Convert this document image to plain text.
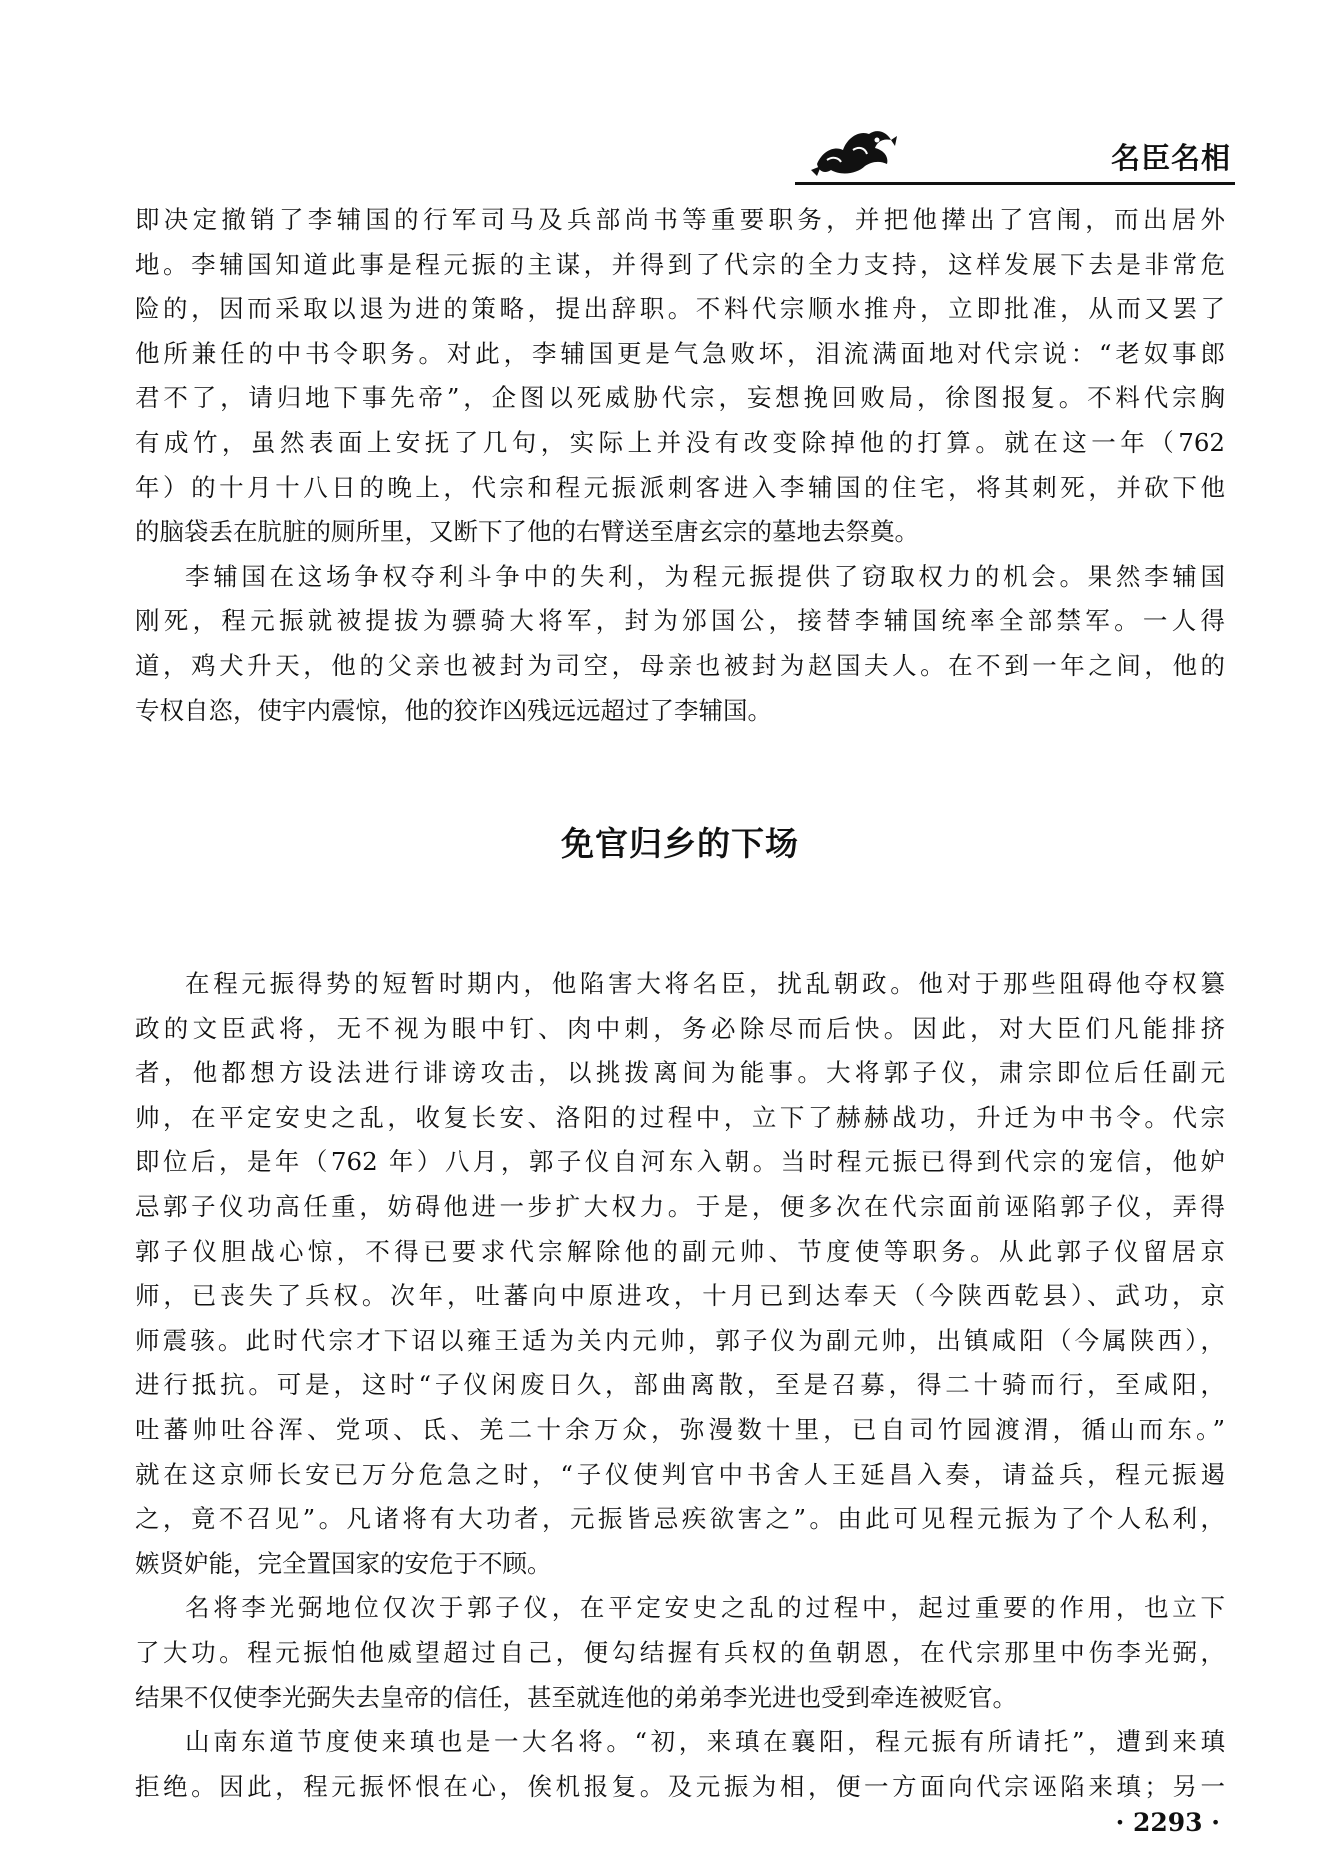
名臣名相

即决定撤销了李辅国的行军司马及兵部尚书等重要职务，并把他撵出了宫闱，而出居外
地。李辅国知道此事是程元振的主谋，并得到了代宗的全力支持，这样发展下去是非常危
险的，因而采取以退为进的策略，提出辞职。不料代宗顺水推舟，立即批准，从而又罢了
他所兼任的中书令职务。对此，李辅国更是气急败坏，泪流满面地对代宗说：“老奴事郎
君不了，请归地下事先帝”，企图以死威胁代宗，妄想挽回败局，徐图报复。不料代宗胸
有成竹，虽然表面上安抚了几句，实际上并没有改变除掉他的打算。就在这一年（762
年）的十月十八日的晚上，代宗和程元振派刺客进入李辅国的住宅，将其刺死，并砍下他
的脑袋丢在肮脏的厕所里，又断下了他的右臂送至唐玄宗的墓地去祭奠。

李辅国在这场争权夺利斗争中的失利，为程元振提供了窃取权力的机会。果然李辅国
刚死，程元振就被提拔为骠骑大将军，封为邠国公，接替李辅国统率全部禁军。一人得
道，鸡犬升天，他的父亲也被封为司空，母亲也被封为赵国夫人。在不到一年之间，他的
专权自恣，使宇内震惊，他的狡诈凶残远远超过了李辅国。

免官归乡的下场

在程元振得势的短暂时期内，他陷害大将名臣，扰乱朝政。他对于那些阻碍他夺权篡
政的文臣武将，无不视为眼中钉、肉中刺，务必除尽而后快。因此，对大臣们凡能排挤
者，他都想方设法进行诽谤攻击，以挑拨离间为能事。大将郭子仪，肃宗即位后任副元
帅，在平定安史之乱，收复长安、洛阳的过程中，立下了赫赫战功，升迁为中书令。代宗
即位后，是年（762 年）八月，郭子仪自河东入朝。当时程元振已得到代宗的宠信，他妒
忌郭子仪功高任重，妨碍他进一步扩大权力。于是，便多次在代宗面前诬陷郭子仪，弄得
郭子仪胆战心惊，不得已要求代宗解除他的副元帅、节度使等职务。从此郭子仪留居京
师，已丧失了兵权。次年，吐蕃向中原进攻，十月已到达奉天（今陕西乾县）、武功，京
师震骇。此时代宗才下诏以雍王适为关内元帅，郭子仪为副元帅，出镇咸阳（今属陕西），
进行抵抗。可是，这时“子仪闲废日久，部曲离散，至是召募，得二十骑而行，至咸阳，
吐蕃帅吐谷浑、党项、氐、羌二十余万众，弥漫数十里，已自司竹园渡渭，循山而东。”
就在这京师长安已万分危急之时，“子仪使判官中书舍人王延昌入奏，请益兵，程元振遏
之，竟不召见”。凡诸将有大功者，元振皆忌疾欲害之”。由此可见程元振为了个人私利，
嫉贤妒能，完全置国家的安危于不顾。

名将李光弼地位仅次于郭子仪，在平定安史之乱的过程中，起过重要的作用，也立下
了大功。程元振怕他威望超过自己，便勾结握有兵权的鱼朝恩，在代宗那里中伤李光弼，
结果不仅使李光弼失去皇帝的信任，甚至就连他的弟弟李光进也受到牵连被贬官。

山南东道节度使来瑱也是一大名将。“初，来瑱在襄阳，程元振有所请托”，遭到来瑱
拒绝。因此，程元振怀恨在心，俟机报复。及元振为相，便一方面向代宗诬陷来瑱；另一

· 2293 ·
